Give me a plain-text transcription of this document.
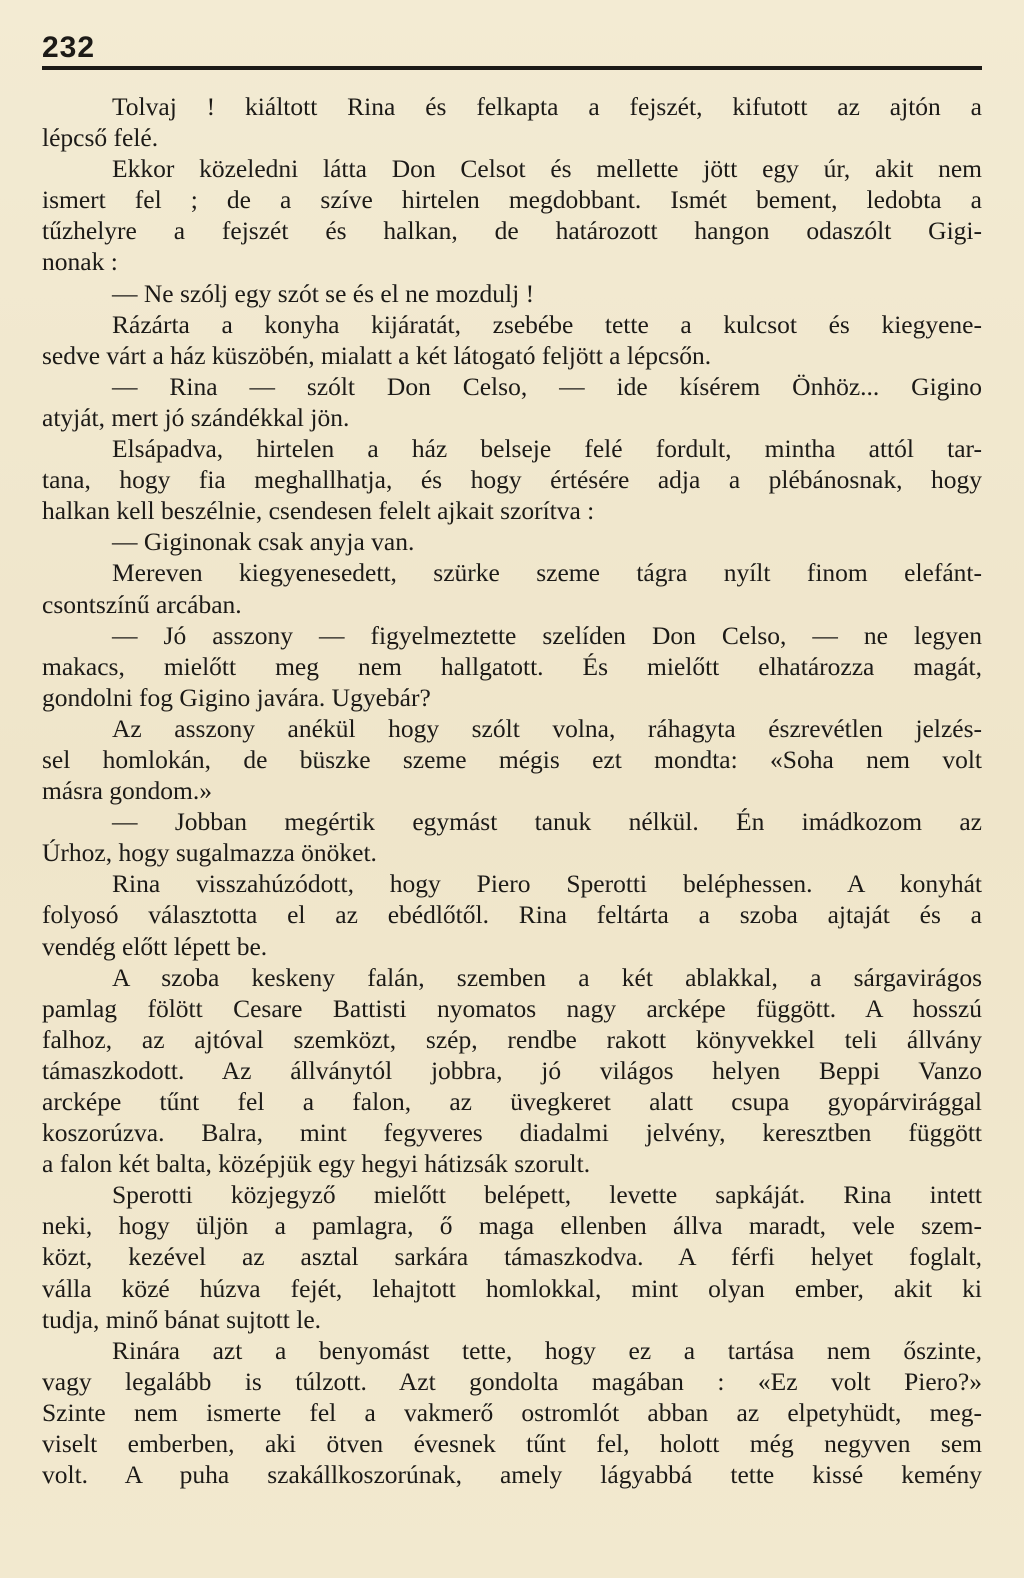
232
Tolvaj ! kiáltott Rina és felkapta a fejszét, kifutott az ajtón a
lépcső felé.
Ekkor közeledni látta Don Celsot és mellette jött egy úr, akit nem
ismert fel ; de a szíve hirtelen megdobbant. Ismét bement, ledobta a
tűzhelyre a fejszét és halkan, de határozott hangon odaszólt Gigi-
nonak :
— Ne szólj egy szót se és el ne mozdulj !
Rázárta a konyha kijáratát, zsebébe tette a kulcsot és kiegyene-
sedve várt a ház küszöbén, mialatt a két látogató feljött a lépcsőn.
— Rina — szólt Don Celso, — ide kísérem Önhöz... Gigino
atyját, mert jó szándékkal jön.
Elsápadva, hirtelen a ház belseje felé fordult, mintha attól tar-
tana, hogy fia meghallhatja, és hogy értésére adja a plébánosnak, hogy
halkan kell beszélnie, csendesen felelt ajkait szorítva :
— Giginonak csak anyja van.
Mereven kiegyenesedett, szürke szeme tágra nyílt finom elefánt-
csontszínű arcában.
— Jó asszony — figyelmeztette szelíden Don Celso, — ne legyen
makacs, mielőtt meg nem hallgatott. És mielőtt elhatározza magát,
gondolni fog Gigino javára. Ugyebár?
Az asszony anékül hogy szólt volna, ráhagyta észrevétlen jelzés-
sel homlokán, de büszke szeme mégis ezt mondta: «Soha nem volt
másra gondom.»
— Jobban megértik egymást tanuk nélkül. Én imádkozom az
Úrhoz, hogy sugalmazza önöket.
Rina visszahúzódott, hogy Piero Sperotti beléphessen. A konyhát
folyosó választotta el az ebédlőtől. Rina feltárta a szoba ajtaját és a
vendég előtt lépett be.
A szoba keskeny falán, szemben a két ablakkal, a sárgavirágos
pamlag fölött Cesare Battisti nyomatos nagy arcképe függött. A hosszú
falhoz, az ajtóval szemközt, szép, rendbe rakott könyvekkel teli állvány
támaszkodott. Az állványtól jobbra, jó világos helyen Beppi Vanzo
arcképe tűnt fel a falon, az üvegkeret alatt csupa gyopárvirággal
koszorúzva. Balra, mint fegyveres diadalmi jelvény, keresztben függött
a falon két balta, középjük egy hegyi hátizsák szorult.
Sperotti közjegyző mielőtt belépett, levette sapkáját. Rina intett
neki, hogy üljön a pamlagra, ő maga ellenben állva maradt, vele szem-
közt, kezével az asztal sarkára támaszkodva. A férfi helyet foglalt,
válla közé húzva fejét, lehajtott homlokkal, mint olyan ember, akit ki
tudja, minő bánat sujtott le.
Rinára azt a benyomást tette, hogy ez a tartása nem őszinte,
vagy legalább is túlzott. Azt gondolta magában : «Ez volt Piero?»
Szinte nem ismerte fel a vakmerő ostromlót abban az elpetyhüdt, meg-
viselt emberben, aki ötven évesnek tűnt fel, holott még negyven sem
volt. A puha szakállkoszorúnak, amely lágyabbá tette kissé kemény
